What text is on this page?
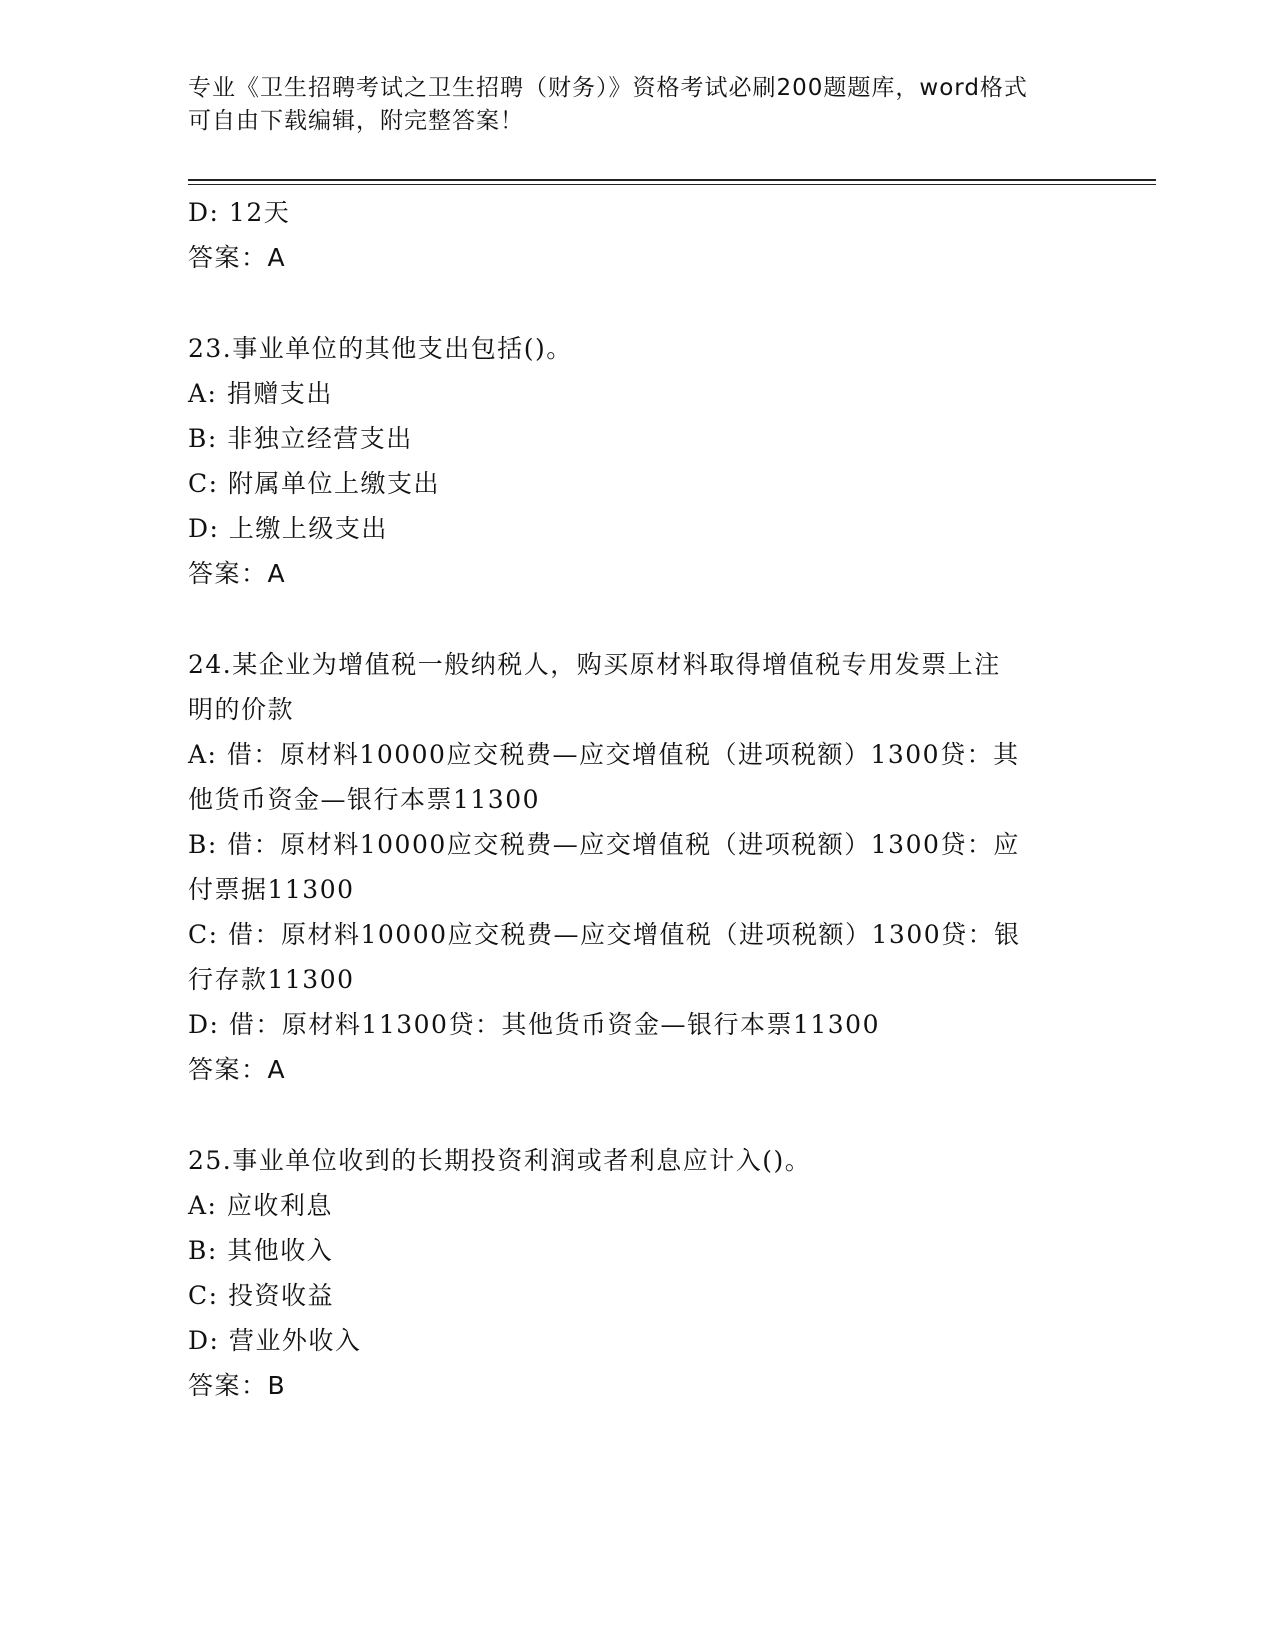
专业《卫生招聘考试之卫生招聘（财务）》资格考试必刷200题题库，word格式
可自由下载编辑，附完整答案！
D: 12天
答案：A
23.事业单位的其他支出包括()。
A: 捐赠支出
B: 非独立经营支出
C: 附属单位上缴支出
D: 上缴上级支出
答案：A
24.某企业为增值税一般纳税人，购买原材料取得增值税专用发票上注
明的价款
A: 借：原材料10000应交税费—应交增值税（进项税额）1300贷：其
他货币资金—银行本票11300
B: 借：原材料10000应交税费—应交增值税（进项税额）1300贷：应
付票据11300
C: 借：原材料10000应交税费—应交增值税（进项税额）1300贷：银
行存款11300
D: 借：原材料11300贷：其他货币资金—银行本票11300
答案：A
25.事业单位收到的长期投资利润或者利息应计入()。
A: 应收利息
B: 其他收入
C: 投资收益
D: 营业外收入
答案：B
